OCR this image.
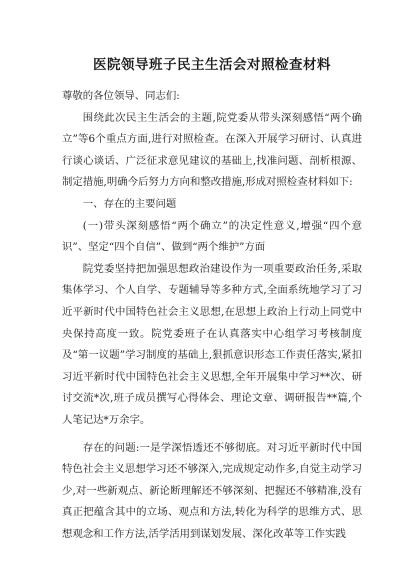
医院领导班子民主生活会对照检查材料

尊敬的各位领导、同志们:

围绕此次民主生活会的主题,院党委从带头深刻感悟“两个确立”等6个重点方面,进行对照检查。在深入开展学习研讨、认真进行谈心谈话、广泛征求意见建议的基础上,找准问题、剖析根源、制定措施,明确今后努力方向和整改措施,形成对照检查材料如下:

一、存在的主要问题

(一)带头深刻感悟“两个确立”的决定性意义,增强“四个意识”、坚定“四个自信”、做到“两个维护”方面

院党委坚持把加强思想政治建设作为一项重要政治任务,采取集体学习、个人自学、专题辅导等多种方式,全面系统地学习了习近平新时代中国特色社会主义思想,在思想上政治上行动上同党中央保持高度一致。院党委班子在认真落实中心组学习考核制度及“第一议题”学习制度的基础上,狠抓意识形态工作责任落实,紧扣习近平新时代中国特色社会主义思想,全年开展集中学习**次、研讨交流*次,班子成员撰写心得体会、理论文章、调研报告**篇,个人笔记达*万余字。

存在的问题:一是学深悟透还不够彻底。对习近平新时代中国特色社会主义思想学习还不够深入,完成规定动作多,自觉主动学习少,对一些新观点、新论断理解还不够深刻、把握还不够精准,没有真正把蕴含其中的立场、观点和方法,转化为科学的思维方式、思想观念和工作方法,活学活用到谋划发展、深化改革等工作实践
